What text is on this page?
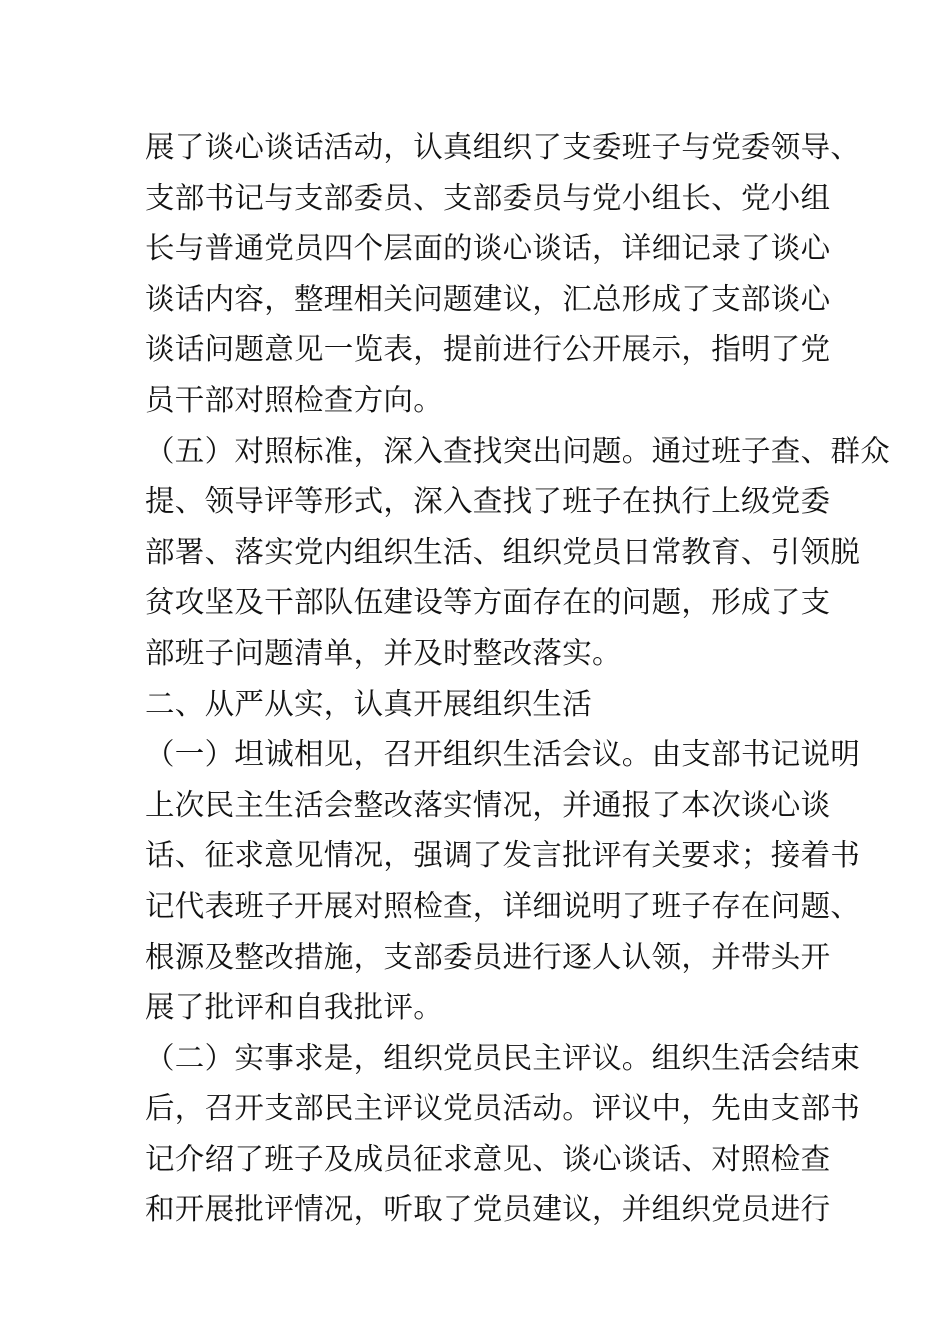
展了谈心谈话活动，认真组织了支委班子与党委领导、
支部书记与支部委员、支部委员与党小组长、党小组
长与普通党员四个层面的谈心谈话，详细记录了谈心
谈话内容，整理相关问题建议，汇总形成了支部谈心
谈话问题意见一览表，提前进行公开展示，指明了党
员干部对照检查方向。
（五）对照标准，深入查找突出问题。通过班子查、群众
提、领导评等形式，深入查找了班子在执行上级党委
部署、落实党内组织生活、组织党员日常教育、引领脱
贫攻坚及干部队伍建设等方面存在的问题，形成了支
部班子问题清单，并及时整改落实。
二、从严从实，认真开展组织生活
（一）坦诚相见，召开组织生活会议。由支部书记说明
上次民主生活会整改落实情况，并通报了本次谈心谈
话、征求意见情况，强调了发言批评有关要求；接着书
记代表班子开展对照检查，详细说明了班子存在问题、
根源及整改措施，支部委员进行逐人认领，并带头开
展了批评和自我批评。
（二）实事求是，组织党员民主评议。组织生活会结束
后，召开支部民主评议党员活动。评议中，先由支部书
记介绍了班子及成员征求意见、谈心谈话、对照检查
和开展批评情况，听取了党员建议，并组织党员进行
